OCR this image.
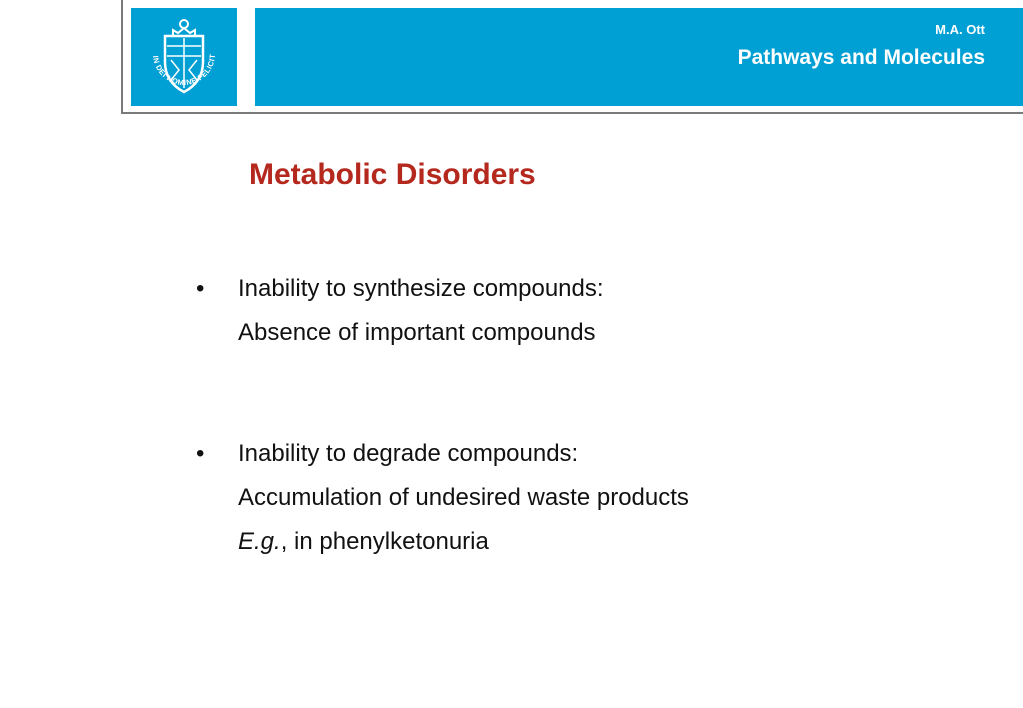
IN DEI NOMINE FELICIT
M.A. Ott
Pathways and Molecules
Metabolic Disorders
• Inability to synthesize compounds:
Absence of important compounds
• Inability to degrade compounds:
Accumulation of undesired waste products
E.g., in phenylketonuria
